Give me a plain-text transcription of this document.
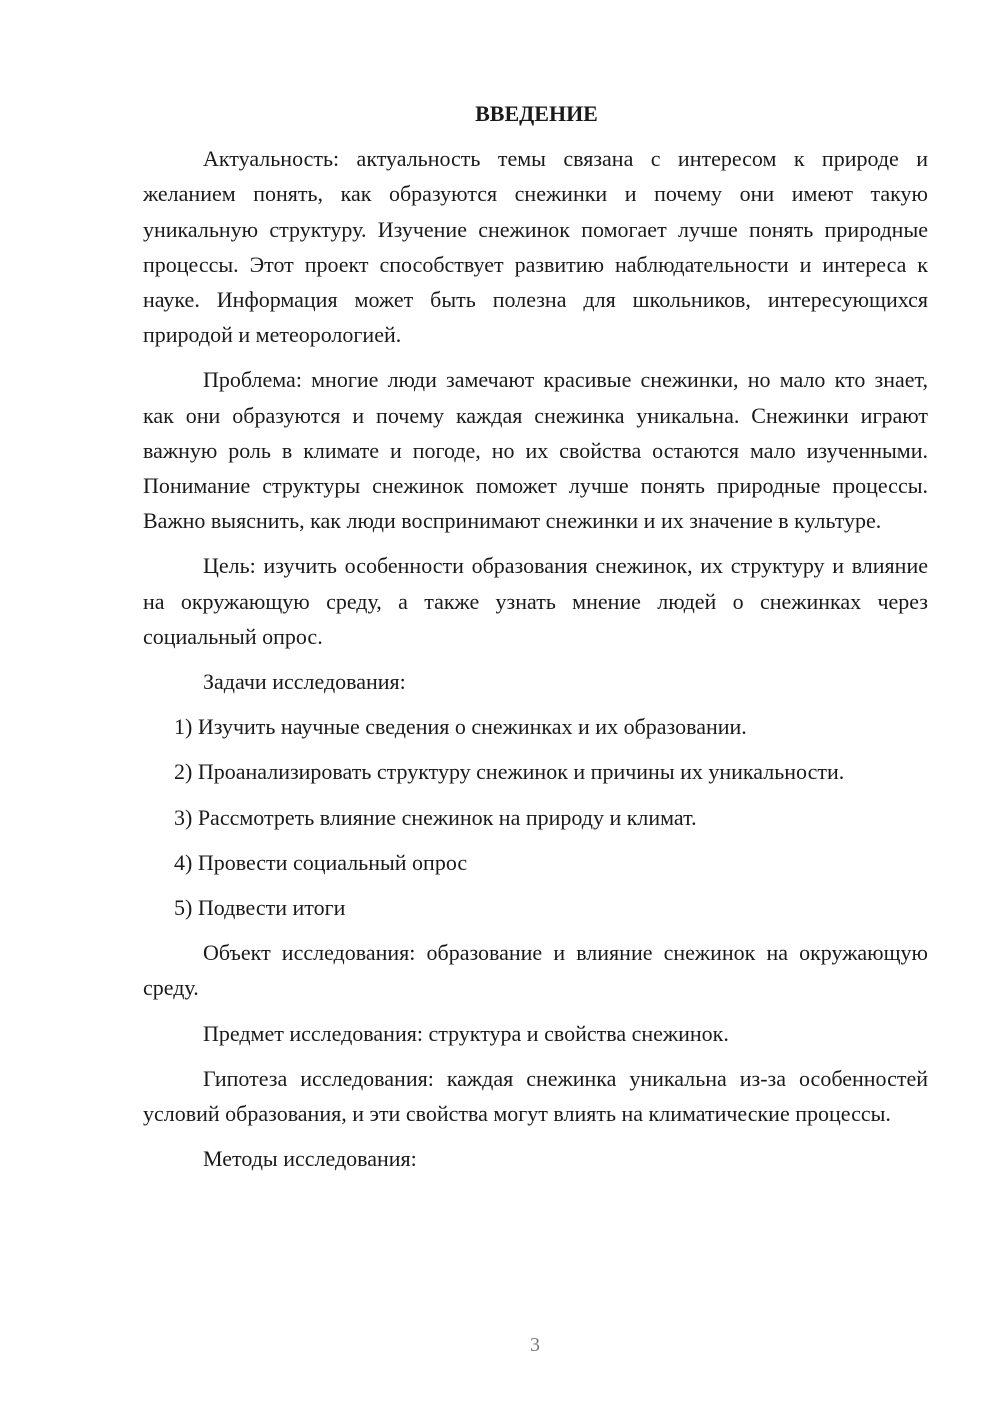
ВВЕДЕНИЕ

Актуальность: актуальность темы связана с интересом к природе и желанием понять, как образуются снежинки и почему они имеют такую уникальную структуру. Изучение снежинок помогает лучше понять природные процессы. Этот проект способствует развитию наблюдательности и интереса к науке. Информация может быть полезна для школьников, интересующихся природой и метеорологией.

Проблема: многие люди замечают красивые снежинки, но мало кто знает, как они образуются и почему каждая снежинка уникальна. Снежинки играют важную роль в климате и погоде, но их свойства остаются мало изученными. Понимание структуры снежинок поможет лучше понять природные процессы. Важно выяснить, как люди воспринимают снежинки и их значение в культуре.

Цель: изучить особенности образования снежинок, их структуру и влияние на окружающую среду, а также узнать мнение людей о снежинках через социальный опрос.

Задачи исследования:

1) Изучить научные сведения о снежинках и их образовании.

2) Проанализировать структуру снежинок и причины их уникальности.

3) Рассмотреть влияние снежинок на природу и климат.

4) Провести социальный опрос

5) Подвести итоги

Объект исследования: образование и влияние снежинок на окружающую среду.

Предмет исследования: структура и свойства снежинок.

Гипотеза исследования: каждая снежинка уникальна из-за особенностей условий образования, и эти свойства могут влиять на климатические процессы.

Методы исследования:

3
